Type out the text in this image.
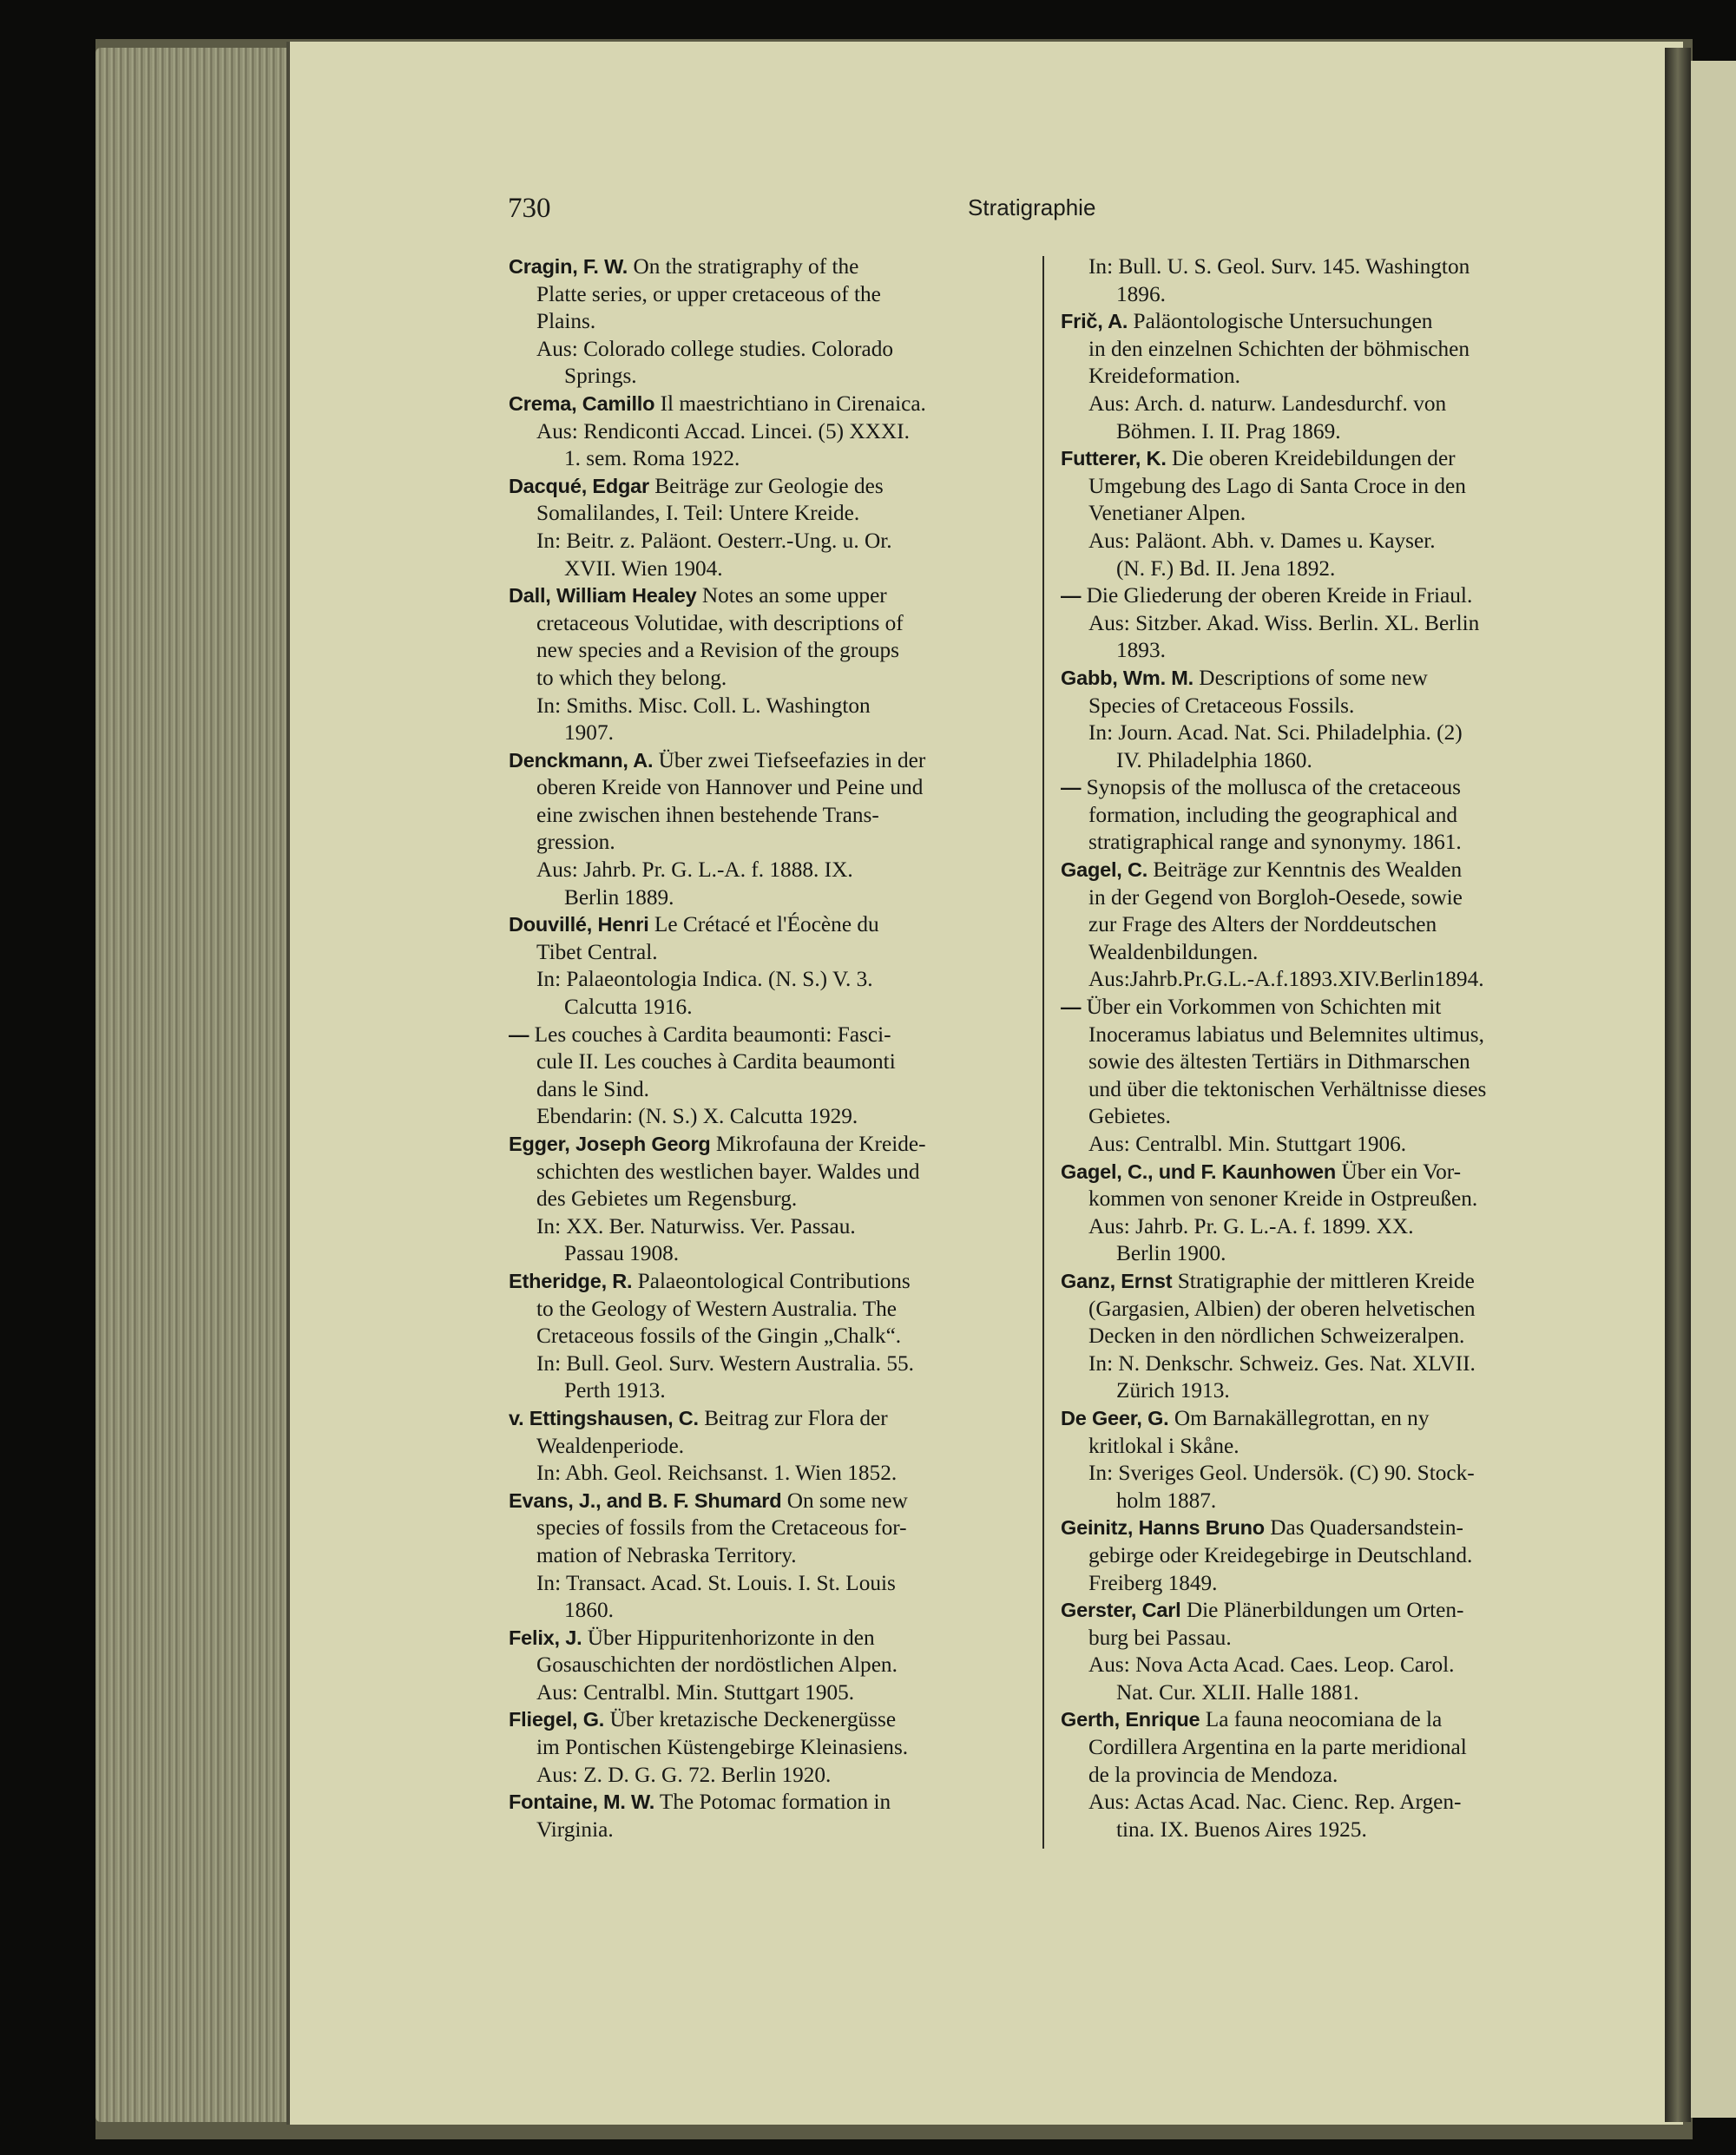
730	Stratigraphie
Cragin, F. W. On the stratigraphy of the
Platte series, or upper cretaceous of the
Plains.
Aus: Colorado college studies. Colorado
Springs.
Crema, Camillo Il maestrichtiano in Cirenaica.
Aus: Rendiconti Accad. Lincei. (5) XXXI.
1. sem. Roma 1922.
Dacqué, Edgar Beiträge zur Geologie des
Somalilandes, I. Teil: Untere Kreide.
In: Beitr. z. Paläont. Oesterr.-Ung. u. Or.
XVII. Wien 1904.
Dall, William Healey Notes an some upper
cretaceous Volutidae, with descriptions of
new species and a Revision of the groups
to which they belong.
In: Smiths. Misc. Coll. L. Washington
1907.
Denckmann, A. Über zwei Tiefseefazies in der
oberen Kreide von Hannover und Peine und
eine zwischen ihnen bestehende Trans-
gression.
Aus: Jahrb. Pr. G. L.-A. f. 1888. IX.
Berlin 1889.
Douvillé, Henri Le Crétacé et l'Éocène du
Tibet Central.
In: Palaeontologia Indica. (N. S.) V. 3.
Calcutta 1916.
— Les couches à Cardita beaumonti: Fasci-
cule II. Les couches à Cardita beaumonti
dans le Sind.
Ebendarin: (N. S.) X. Calcutta 1929.
Egger, Joseph Georg Mikrofauna der Kreide-
schichten des westlichen bayer. Waldes und
des Gebietes um Regensburg.
In: XX. Ber. Naturwiss. Ver. Passau.
Passau 1908.
Etheridge, R. Palaeontological Contributions
to the Geology of Western Australia. The
Cretaceous fossils of the Gingin „Chalk“.
In: Bull. Geol. Surv. Western Australia. 55.
Perth 1913.
v. Ettingshausen, C. Beitrag zur Flora der
Wealdenperiode.
In: Abh. Geol. Reichsanst. 1. Wien 1852.
Evans, J., and B. F. Shumard On some new
species of fossils from the Cretaceous for-
mation of Nebraska Territory.
In: Transact. Acad. St. Louis. I. St. Louis
1860.
Felix, J. Über Hippuritenhorizonte in den
Gosauschichten der nordöstlichen Alpen.
Aus: Centralbl. Min. Stuttgart 1905.
Fliegel, G. Über kretazische Deckenergüsse
im Pontischen Küstengebirge Kleinasiens.
Aus: Z. D. G. G. 72. Berlin 1920.
Fontaine, M. W. The Potomac formation in
Virginia.
In: Bull. U. S. Geol. Surv. 145. Washington
1896.
Frič, A. Paläontologische Untersuchungen
in den einzelnen Schichten der böhmischen
Kreideformation.
Aus: Arch. d. naturw. Landesdurchf. von
Böhmen. I. II. Prag 1869.
Futterer, K. Die oberen Kreidebildungen der
Umgebung des Lago di Santa Croce in den
Venetianer Alpen.
Aus: Paläont. Abh. v. Dames u. Kayser.
(N. F.) Bd. II. Jena 1892.
— Die Gliederung der oberen Kreide in Friaul.
Aus: Sitzber. Akad. Wiss. Berlin. XL. Berlin
1893.
Gabb, Wm. M. Descriptions of some new
Species of Cretaceous Fossils.
In: Journ. Acad. Nat. Sci. Philadelphia. (2)
IV. Philadelphia 1860.
— Synopsis of the mollusca of the cretaceous
formation, including the geographical and
stratigraphical range and synonymy. 1861.
Gagel, C. Beiträge zur Kenntnis des Wealden
in der Gegend von Borgloh-Oesede, sowie
zur Frage des Alters der Norddeutschen
Wealdenbildungen.
Aus:Jahrb.Pr.G.L.-A.f.1893.XIV.Berlin1894.
— Über ein Vorkommen von Schichten mit
Inoceramus labiatus und Belemnites ultimus,
sowie des ältesten Tertiärs in Dithmarschen
und über die tektonischen Verhältnisse dieses
Gebietes.
Aus: Centralbl. Min. Stuttgart 1906.
Gagel, C., und F. Kaunhowen Über ein Vor-
kommen von senoner Kreide in Ostpreußen.
Aus: Jahrb. Pr. G. L.-A. f. 1899. XX.
Berlin 1900.
Ganz, Ernst Stratigraphie der mittleren Kreide
(Gargasien, Albien) der oberen helvetischen
Decken in den nördlichen Schweizeralpen.
In: N. Denkschr. Schweiz. Ges. Nat. XLVII.
Zürich 1913.
De Geer, G. Om Barnakällegrottan, en ny
kritlokal i Skåne.
In: Sveriges Geol. Undersök. (C) 90. Stock-
holm 1887.
Geinitz, Hanns Bruno Das Quadersandstein-
gebirge oder Kreidegebirge in Deutschland.
Freiberg 1849.
Gerster, Carl Die Plänerbildungen um Orten-
burg bei Passau.
Aus: Nova Acta Acad. Caes. Leop. Carol.
Nat. Cur. XLII. Halle 1881.
Gerth, Enrique La fauna neocomiana de la
Cordillera Argentina en la parte meridional
de la provincia de Mendoza.
Aus: Actas Acad. Nac. Cienc. Rep. Argen-
tina. IX. Buenos Aires 1925.
